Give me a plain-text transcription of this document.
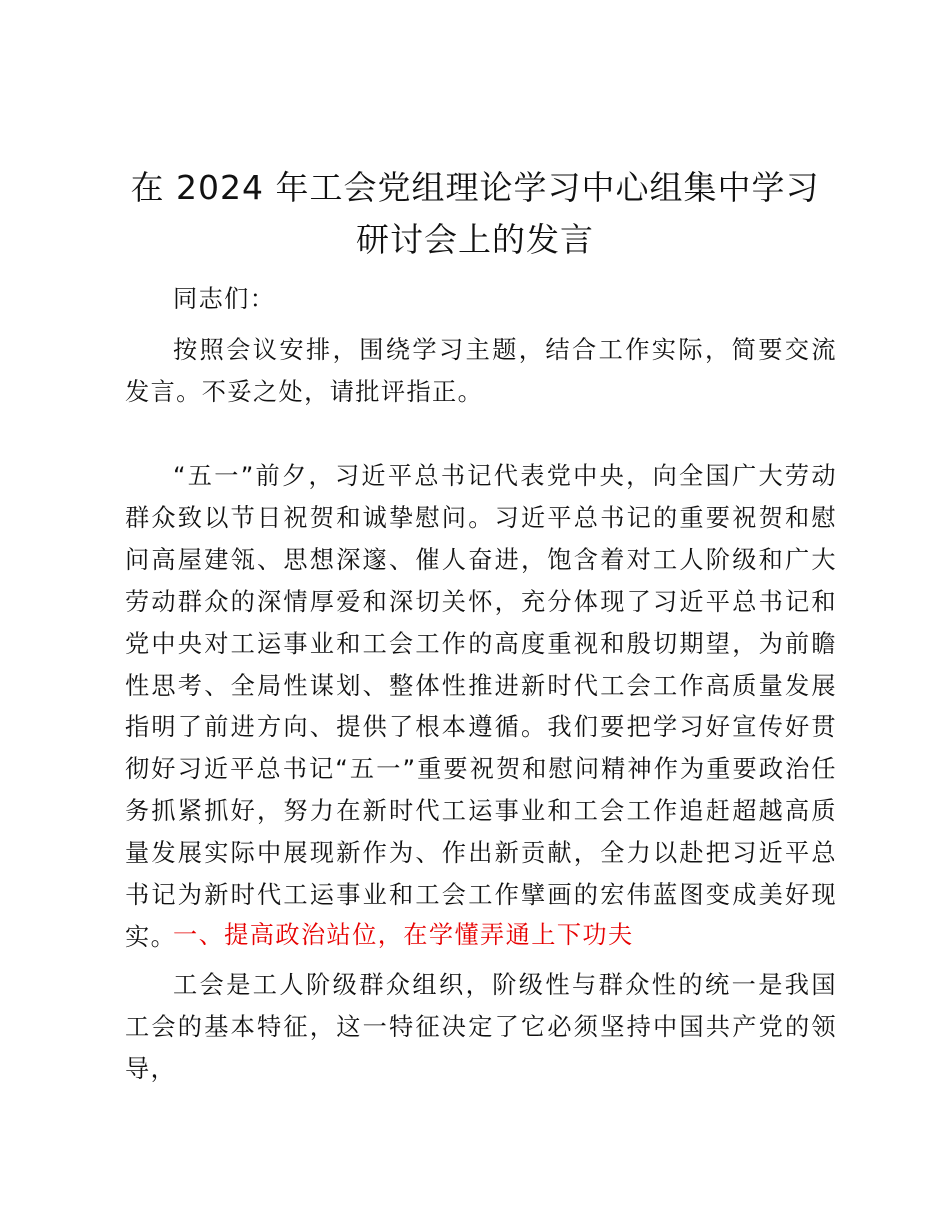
在 2024 年工会党组理论学习中心组集中学习
研讨会上的发言
同志们：
按照会议安排，围绕学习主题，结合工作实际，简要交流发言。不妥之处，请批评指正。
“五一”前夕，习近平总书记代表党中央，向全国广大劳动群众致以节日祝贺和诚挚慰问。习近平总书记的重要祝贺和慰问高屋建瓴、思想深邃、催人奋进，饱含着对工人阶级和广大劳动群众的深情厚爱和深切关怀，充分体现了习近平总书记和党中央对工运事业和工会工作的高度重视和殷切期望，为前瞻性思考、全局性谋划、整体性推进新时代工会工作高质量发展指明了前进方向、提供了根本遵循。我们要把学习好宣传好贯彻好习近平总书记“五一”重要祝贺和慰问精神作为重要政治任务抓紧抓好，努力在新时代工运事业和工会工作追赶超越高质量发展实际中展现新作为、作出新贡献，全力以赴把习近平总书记为新时代工运事业和工会工作擘画的宏伟蓝图变成美好现实。
一、提高政治站位，在学懂弄通上下功夫
工会是工人阶级群众组织，阶级性与群众性的统一是我国工会的基本特征，这一特征决定了它必须坚持中国共产党的领导，
